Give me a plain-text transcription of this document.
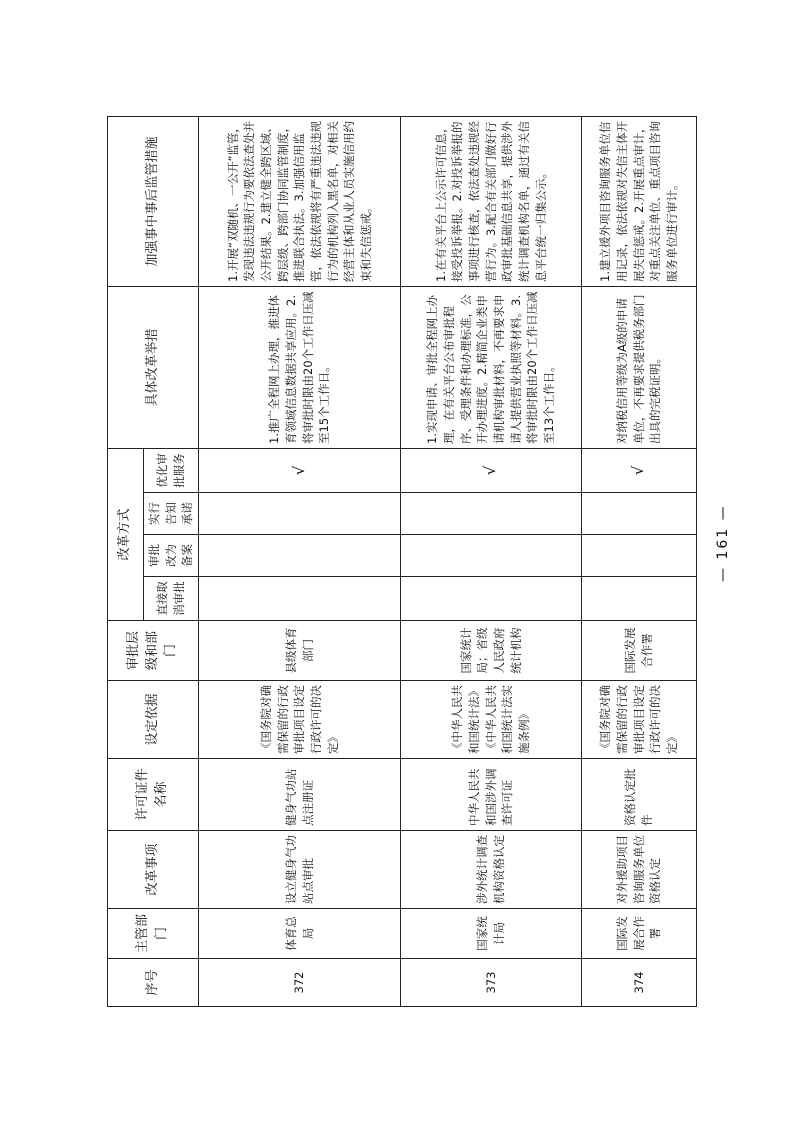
序号	主管部门	改革事项	许可证件名称	设定依据	审批层级和部门	改革方式				具体改革举措	加强事中事后监管措施
						直接取消审批	审批改为备案	实行告知承诺	优化审批服务		
372	体育总局	设立健身气功站点审批	健身气功站点注册证	《国务院对确需保留的行政审批项目设定行政许可的决定》	县级体育部门				√	1.推广全程网上办理，推进体育领域信息数据共享应用。2.将审批时限由20个工作日压减至15个工作日。	1.开展“双随机、一公开”监管，发现违法违规行为要依法查处并公开结果。2.建立健全跨区域、跨层级、跨部门协同监管制度，推进联合执法。3.加强信用监管，依法依规将有严重违法违规行为的机构列入黑名单，对相关经营主体和从业人员实施信用约束和失信惩戒。
373	国家统计局	涉外统计调查机构资格认定	中华人民共和国涉外调查许可证	《中华人民共和国统计法》《中华人民共和国统计法实施条例》	国家统计局；省级人民政府统计机构				√	1.实现申请、审批全程网上办理，在有关平台公布审批程序、受理条件和办理标准，公开办理进度。2.精简企业类申请机构审批材料，不再要求申请人提供营业执照等材料。3.将审批时限由20个工作日压减至13个工作日。	1.在有关平台上公示许可信息，接受投诉举报。2.对投诉举报的事项进行核查，依法查处违规经营行为。3.配合有关部门做好行政审批基础信息共享，提供涉外统计调查机构名单，通过有关信息平台统一归集公示。
374	国际发展合作署	对外援助项目咨询服务单位资格认定	资格认定批件	《国务院对确需保留的行政审批项目设定行政许可的决定》	国际发展合作署				√	对纳税信用等级为A级的申请单位，不再要求提供税务部门出具的完税证明。	1.建立援外项目咨询服务单位信用记录，依法依规对失信主体开展失信惩戒。2.开展重点审计，对重点关注单位、重点项目咨询服务单位进行审计。
— 161 —
